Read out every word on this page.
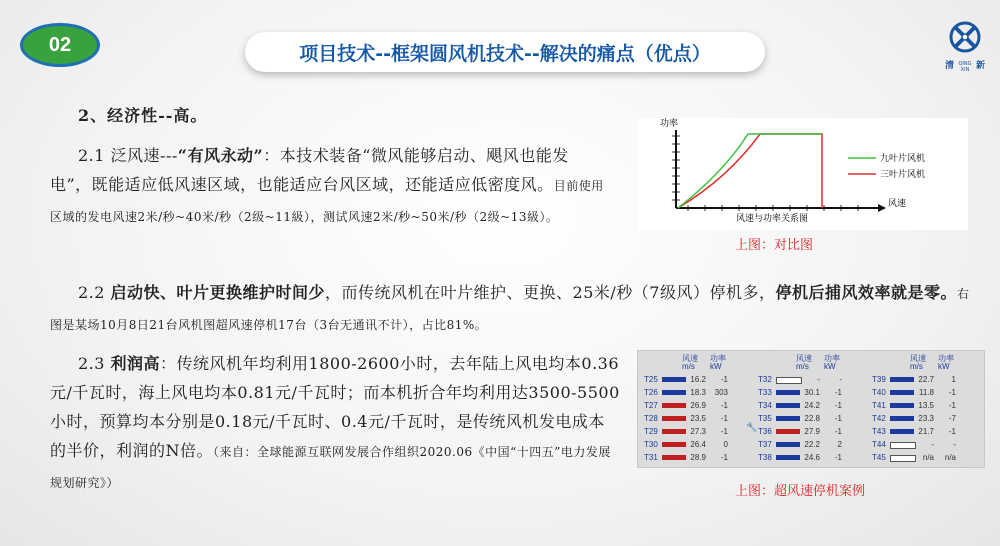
02	项目技术--框架圆风机技术--解决的痛点（优点）
清 QING XIN 新
2、经济性--高。
2.1 泛风速---“有风永动”：本技术装备“微风能够启动、飓风也能发电”，既能适应低风速区域，也能适应台风区域，还能适应低密度风。目前使用区域的发电风速2米/秒~40米/秒（2级~11級），测试风速2米/秒~50米/秒（2级~13級）。
功率
风速
风速与功率关系图
九叶片风机
三叶片风机
上图：对比图
2.2 启动快、叶片更换维护时间少，而传统风机在叶片维护、更换、25米/秒（7级风）停机多，停机后捕风效率就是零。右图是某场10月8日21台风机图超风速停机17台（3台无通讯不计），占比81%。
2.3 利润高：传统风机年均利用1800-2600小时，去年陆上风电均本0.36元/千瓦时，海上风电均本0.81元/千瓦时；而本机折合年均利用达3500-5500小时，预算均本分别是0.18元/千瓦时、0.4元/千瓦时，是传统风机发电成本的半价，利润的N倍。（来自：全球能源互联网发展合作组织2020.06《中国“十四五”电力发展规划研究》）
风速
m/s
功率
kW
T25	16.2	-1
T26	18.3	303
T27	26.9	-1
T28	23.5	-1
T29	27.3	-1
T30	26.4	0
T31	28.9	-1
风速
m/s
功率
kW
T32	-	-
T33	30.1	-1
T34	24.2	-1
T35	22.8	-1
T36	27.9	-1
T37	22.2	2
T38	24.6	-1
风速
m/s
功率
kW
T39	22.7	1
T40	11.8	-1
T41	13.5	-1
T42	23.3	-7
T43	21.7	-1
T44	-	-
T45	n/a	n/a
🔧
上图：超风速停机案例
